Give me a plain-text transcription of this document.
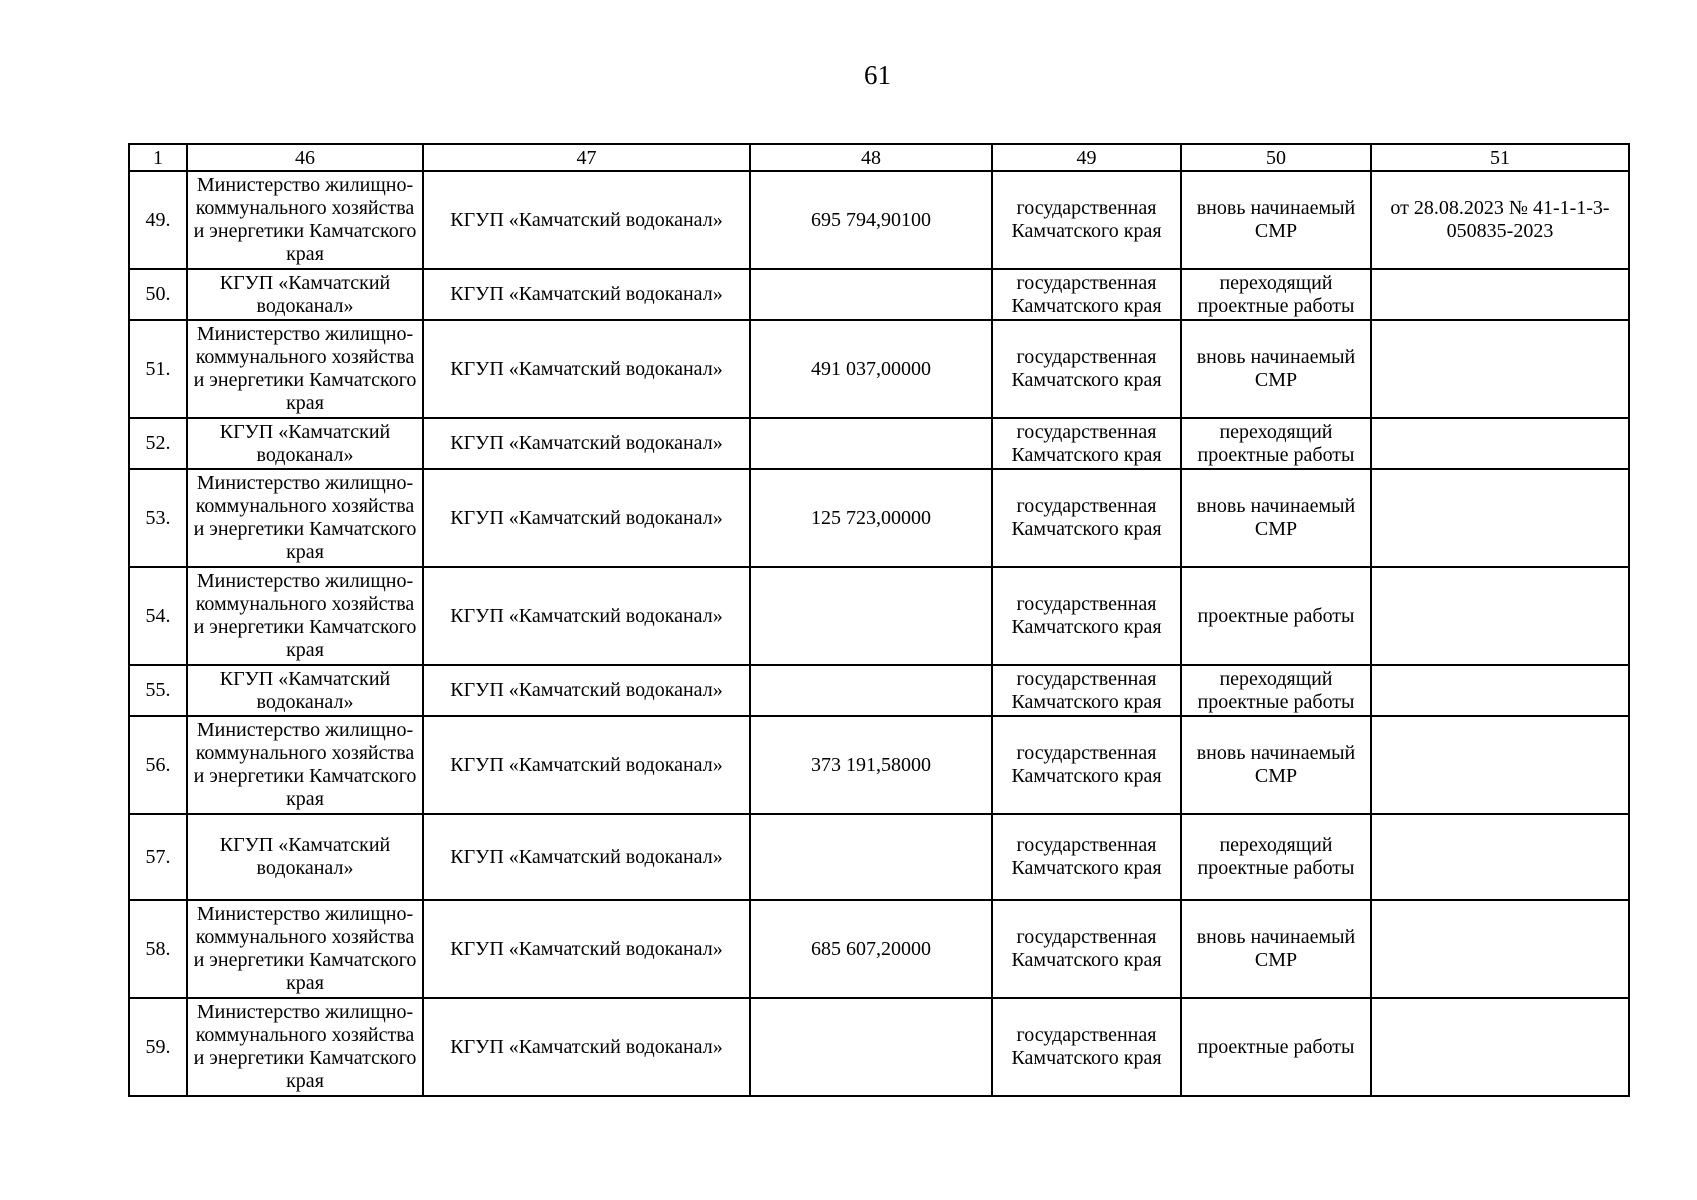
61
1	46	47	48	49	50	51
49.	Министерство жилищно-коммунального хозяйства и энергетики Камчатского края	КГУП «Камчатский водоканал»	695 794,90100	государственная Камчатского края	вновь начинаемый СМР	от 28.08.2023 № 41-1-1-3-050835-2023
50.	КГУП «Камчатский водоканал»	КГУП «Камчатский водоканал»		государственная Камчатского края	переходящий проектные работы	
51.	Министерство жилищно-коммунального хозяйства и энергетики Камчатского края	КГУП «Камчатский водоканал»	491 037,00000	государственная Камчатского края	вновь начинаемый СМР	
52.	КГУП «Камчатский водоканал»	КГУП «Камчатский водоканал»		государственная Камчатского края	переходящий проектные работы	
53.	Министерство жилищно-коммунального хозяйства и энергетики Камчатского края	КГУП «Камчатский водоканал»	125 723,00000	государственная Камчатского края	вновь начинаемый СМР	
54.	Министерство жилищно-коммунального хозяйства и энергетики Камчатского края	КГУП «Камчатский водоканал»		государственная Камчатского края	проектные работы	
55.	КГУП «Камчатский водоканал»	КГУП «Камчатский водоканал»		государственная Камчатского края	переходящий проектные работы	
56.	Министерство жилищно-коммунального хозяйства и энергетики Камчатского края	КГУП «Камчатский водоканал»	373 191,58000	государственная Камчатского края	вновь начинаемый СМР	
57.	КГУП «Камчатский водоканал»	КГУП «Камчатский водоканал»		государственная Камчатского края	переходящий проектные работы	
58.	Министерство жилищно-коммунального хозяйства и энергетики Камчатского края	КГУП «Камчатский водоканал»	685 607,20000	государственная Камчатского края	вновь начинаемый СМР	
59.	Министерство жилищно-коммунального хозяйства и энергетики Камчатского края	КГУП «Камчатский водоканал»		государственная Камчатского края	проектные работы	
